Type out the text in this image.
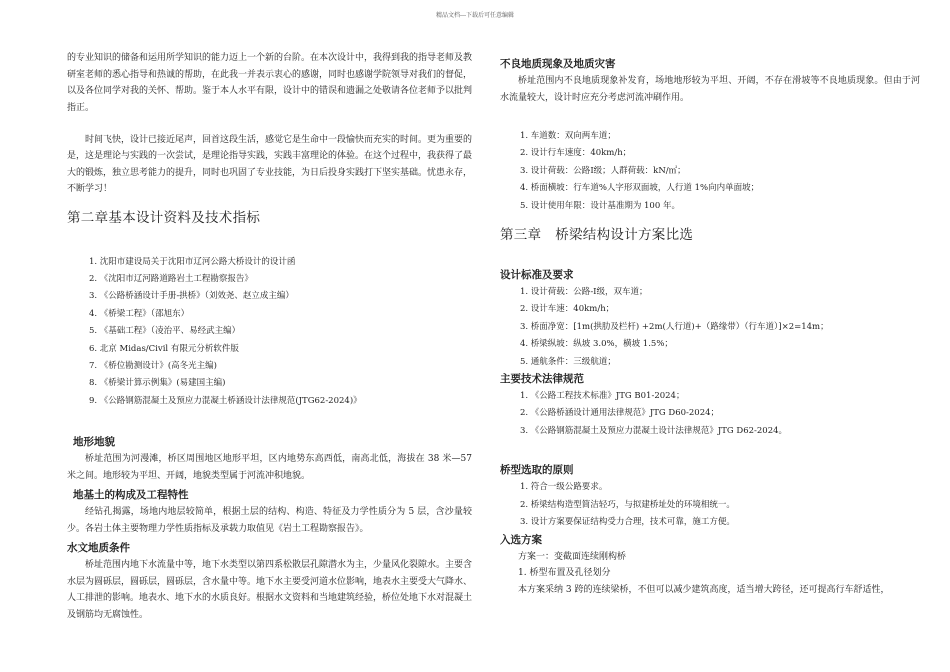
精品文档---下载后可任意编辑

的专业知识的储备和运用所学知识的能力迈上一个新的台阶。在本次设计中，我得到我的指导老师及教研室老师的悉心指导和热诚的帮助，在此我一并表示衷心的感谢，同时也感谢学院领导对我们的督促，以及各位同学对我的关怀、帮助。鉴于本人水平有限，设计中的错误和遗漏之处敬请各位老师予以批判指正。

时间飞快，设计已接近尾声，回首这段生活，感觉它是生命中一段愉快而充实的时间。更为重要的是，这是理论与实践的一次尝试，是理论指导实践，实践丰富理论的体验。在这个过程中，我获得了最大的锻炼，独立思考能力的提升，同时也巩固了专业技能，为日后投身实践打下坚实基础。忧患永存，不断学习！

第二章基本设计资料及技术指标
1. 沈阳市建设局关于沈阳市辽河公路大桥设计的设计函
2. 《沈阳市辽河路道路岩土工程勘察报告》
3. 《公路桥涵设计手册-拱桥》（刘效尧、赵立成主编）
4. 《桥梁工程》（邵旭东）
5. 《基础工程》（凌治平、易经武主编）
6. 北京 Midas/Civil 有限元分析软件版
7. 《桥位勘测设计》(高冬光主编)
8. 《桥梁计算示例集》(易建国主编)
9. 《公路钢筋混凝土及预应力混凝土桥涵设计法律规范(JTG62-2024)》
地形地貌

桥址范围为河漫滩，桥区周围地区地形平坦，区内地势东高西低，南高北低，海拔在 38 米—57 米之间。地形较为平坦、开阔，地貌类型属于河流冲积地貌。

地基土的构成及工程特性

经钻孔揭露，场地内地层较简单，根据土层的结构、构造、特征及力学性质分为 5 层，含沙量较少。各岩土体主要物理力学性质指标及承载力取值见《岩土工程勘察报告》。

水文地质条件

桥址范围内地下水流量中等，地下水类型以第四系松散层孔隙潜水为主，少量风化裂隙水。主要含水层为圆砾层，圆砾层，圆砾层，含水量中等。地下水主要受河道水位影响，地表水主要受大气降水、人工排泄的影响。地表水、地下水的水质良好。根据水文资料和当地建筑经验，桥位处地下水对混凝土及钢筋均无腐蚀性。

不良地质现象及地质灾害

桥址范围内不良地质现象补发育，场地地形较为平坦、开阔，不存在滑坡等不良地质现象。但由于河水流量较大，设计时应充分考虑河流冲刷作用。

1. 车道数：双向两车道；
2. 设计行车速度：40km/h；
3. 设计荷载：公路Ⅰ级；人群荷载：kN/㎡；
4. 桥面横坡：行车道%人字形双面坡，人行道 1%向内单面坡；
5. 设计使用年限：设计基准期为 100 年。
第三章　桥梁结构设计方案比选
设计标准及要求
1. 设计荷载：公路-Ⅰ级，双车道；
2. 设计车速：40km/h；
3. 桥面净宽：[1m(拱肋及栏杆) +2m(人行道)+（路缘带）（行车道）]×2=14m；
4. 桥梁纵坡：纵坡 3.0%，横坡 1.5%；
5. 通航条件：三级航道；
主要技术法律规范
1. 《公路工程技术标准》JTG B01-2024；
2. 《公路桥涵设计通用法律规范》JTG D60-2024；
3. 《公路钢筋混凝土及预应力混凝土设计法律规范》JTG D62-2024。
桥型选取的原则
1. 符合一级公路要求。
2. 桥梁结构造型简洁轻巧，与拟建桥址处的环境相统一。
3. 设计方案要保证结构受力合理，技术可靠，施工方便。
入选方案
方案一：变截面连续刚构桥
1. 桥型布置及孔径划分
本方案采纳 3 跨的连续梁桥，不但可以减少建筑高度，适当增大跨径，还可提高行车舒适性，
